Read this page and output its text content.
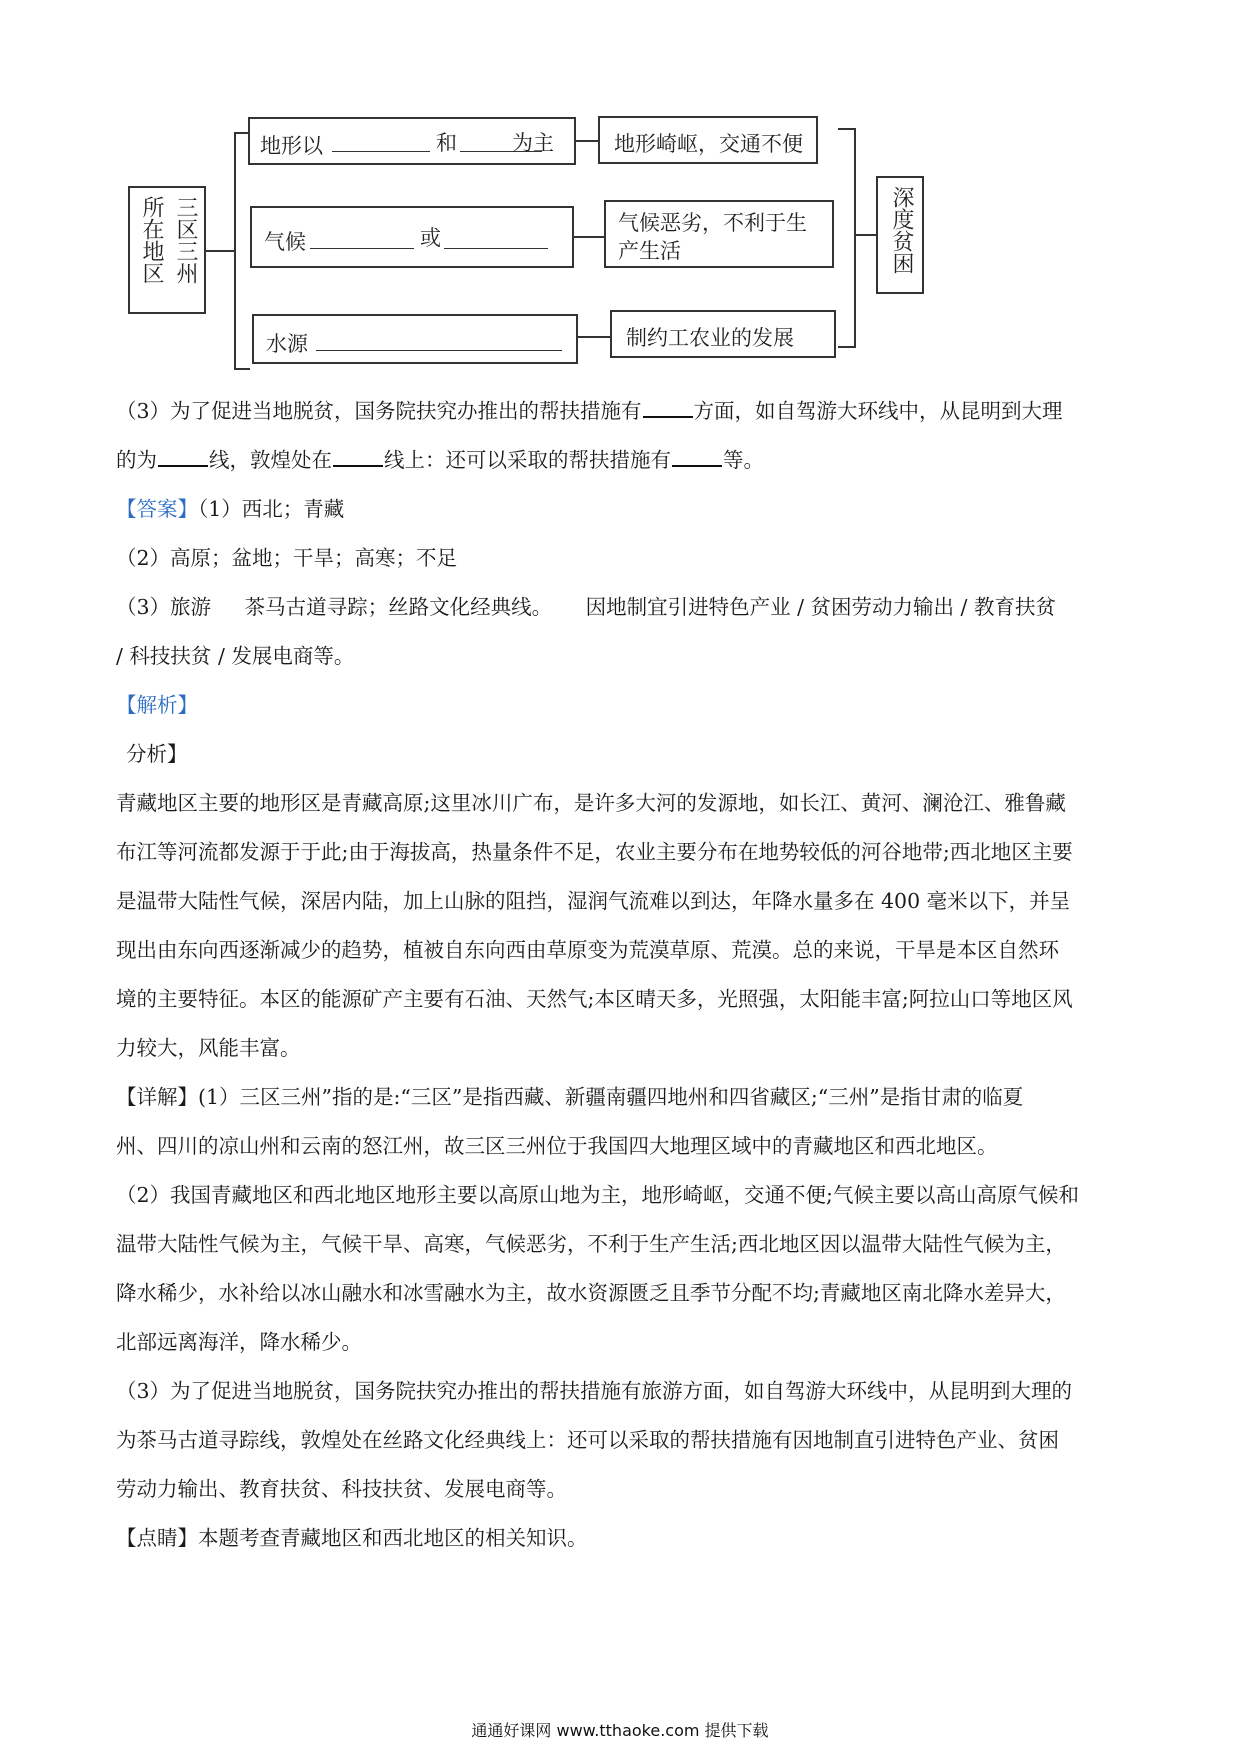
三区三州
所在地区
地形以	和	为主	地形崎岖，交通不便
气候	或
气候恶劣，不利于生产生活
水源	制约工农业的发展
深度贫困
（3）为了促进当地脱贫，国务院扶究办推出的帮扶措施有	方面，如自驾游大环线中，从昆明到大理
的为	线，敦煌处在	线上：还可以采取的帮扶措施有	等。
【答案】（1）西北；青藏
（2）高原；盆地；干旱；高寒；不足
（3）旅游 　 茶马古道寻踪；丝路文化经典线。 　 因地制宜引进特色产业 / 贫困劳动力输出 / 教育扶贫
/ 科技扶贫 / 发展电商等。
【解析】
分析】
青藏地区主要的地形区是青藏高原;这里冰川广布，是许多大河的发源地，如长江、黄河、澜沧江、雅鲁藏
布江等河流都发源于于此;由于海拔高，热量条件不足，农业主要分布在地势较低的河谷地带;西北地区主要
是温带大陆性气候，深居内陆，加上山脉的阻挡，湿润气流难以到达，年降水量多在 400 毫米以下，并呈
现出由东向西逐渐减少的趋势，植被自东向西由草原变为荒漠草原、荒漠。总的来说，干旱是本区自然环
境的主要特征。本区的能源矿产主要有石油、天然气;本区晴天多，光照强，太阳能丰富;阿拉山口等地区风
力较大，风能丰富。
【详解】(1）三区三州”指的是:“三区”是指西藏、新疆南疆四地州和四省藏区;“三州”是指甘肃的临夏
州、四川的凉山州和云南的怒江州，故三区三州位于我国四大地理区域中的青藏地区和西北地区。
（2）我国青藏地区和西北地区地形主要以高原山地为主，地形崎岖，交通不便;气候主要以高山高原气候和
温带大陆性气候为主，气候干旱、高寒，气候恶劣，不利于生产生活;西北地区因以温带大陆性气候为主，
降水稀少，水补给以冰山融水和冰雪融水为主，故水资源匮乏且季节分配不均;青藏地区南北降水差异大，
北部远离海洋，降水稀少。
（3）为了促进当地脱贫，国务院扶究办推出的帮扶措施有旅游方面，如自驾游大环线中，从昆明到大理的
为茶马古道寻踪线，敦煌处在丝路文化经典线上：还可以采取的帮扶措施有因地制直引进特色产业、贫困
劳动力输出、教育扶贫、科技扶贫、发展电商等。
【点睛】本题考查青藏地区和西北地区的相关知识。
通通好课网 www.tthaoke.com 提供下载
